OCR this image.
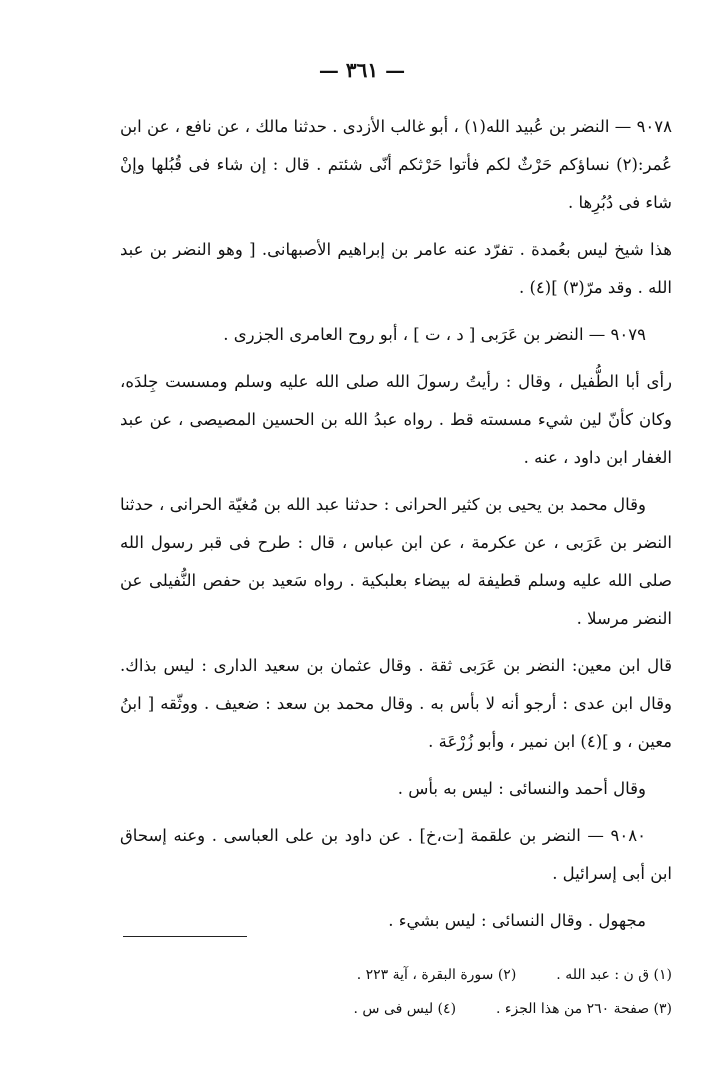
— ٣٦١ —

٩٠٧٨ — النضر بن عُبيد الله(١) ، أبو غالب الأزدى . حدثنا مالك ، عن نافع ، عن ابن عُمر:(٢) نساؤكم حَرْثٌ لكم فأتوا حَرْثكم أنّى شئتم . قال : إن شاء فى قُبُلها وإنْ شاء فى دُبُرِها .

هذا شيخ ليس بعُمدة . تفرّد عنه عامر بن إبراهيم الأصبهانى. [ وهو النضر بن عبد الله . وقد مرّ(٣) ](٤) .

٩٠٧٩ — النضر بن عَرَبى [ د ، ت ] ، أبو روح العامرى الجزرى .

رأى أبا الطُّفيل ، وقال : رأيتُ رسولَ الله صلى الله عليه وسلم ومسست جِلدَه، وكان كأنّ لين شيء مسسته قط . رواه عبدُ الله بن الحسين المصيصى ، عن عبد الغفار ابن داود ، عنه .

وقال محمد بن يحيى بن كثير الحرانى : حدثنا عبد الله بن مُغيّة الحرانى ، حدثنا النضر بن عَرَبى ، عن عكرمة ، عن ابن عباس ، قال : طرح فى قبر رسول الله صلى الله عليه وسلم قطيفة له بيضاء بعلبكية . رواه سَعيد بن حفص النُّفيلى عن النضر مرسلا .

قال ابن معين: النضر بن عَرَبى ثقة . وقال عثمان بن سعيد الدارى : ليس بذاك. وقال ابن عدى : أرجو أنه لا بأس به . وقال محمد بن سعد : ضعيف . ووثّقه [ ابنُ معين ، و ](٤) ابن نمير ، وأبو زُرْعَة .

وقال أحمد والنسائى : ليس به بأس .

٩٠٨٠ — النضر بن علقمة [ت،خ] . عن داود بن على العباسى . وعنه إسحاق ابن أبى إسرائيل .

مجهول . وقال النسائى : ليس بشيء .

(١) ق ن : عبد الله .
(٢) سورة البقرة ، آية ٢٢٣ .
(٣) صفحة ٢٦٠ من هذا الجزء .
(٤) ليس فى س .
